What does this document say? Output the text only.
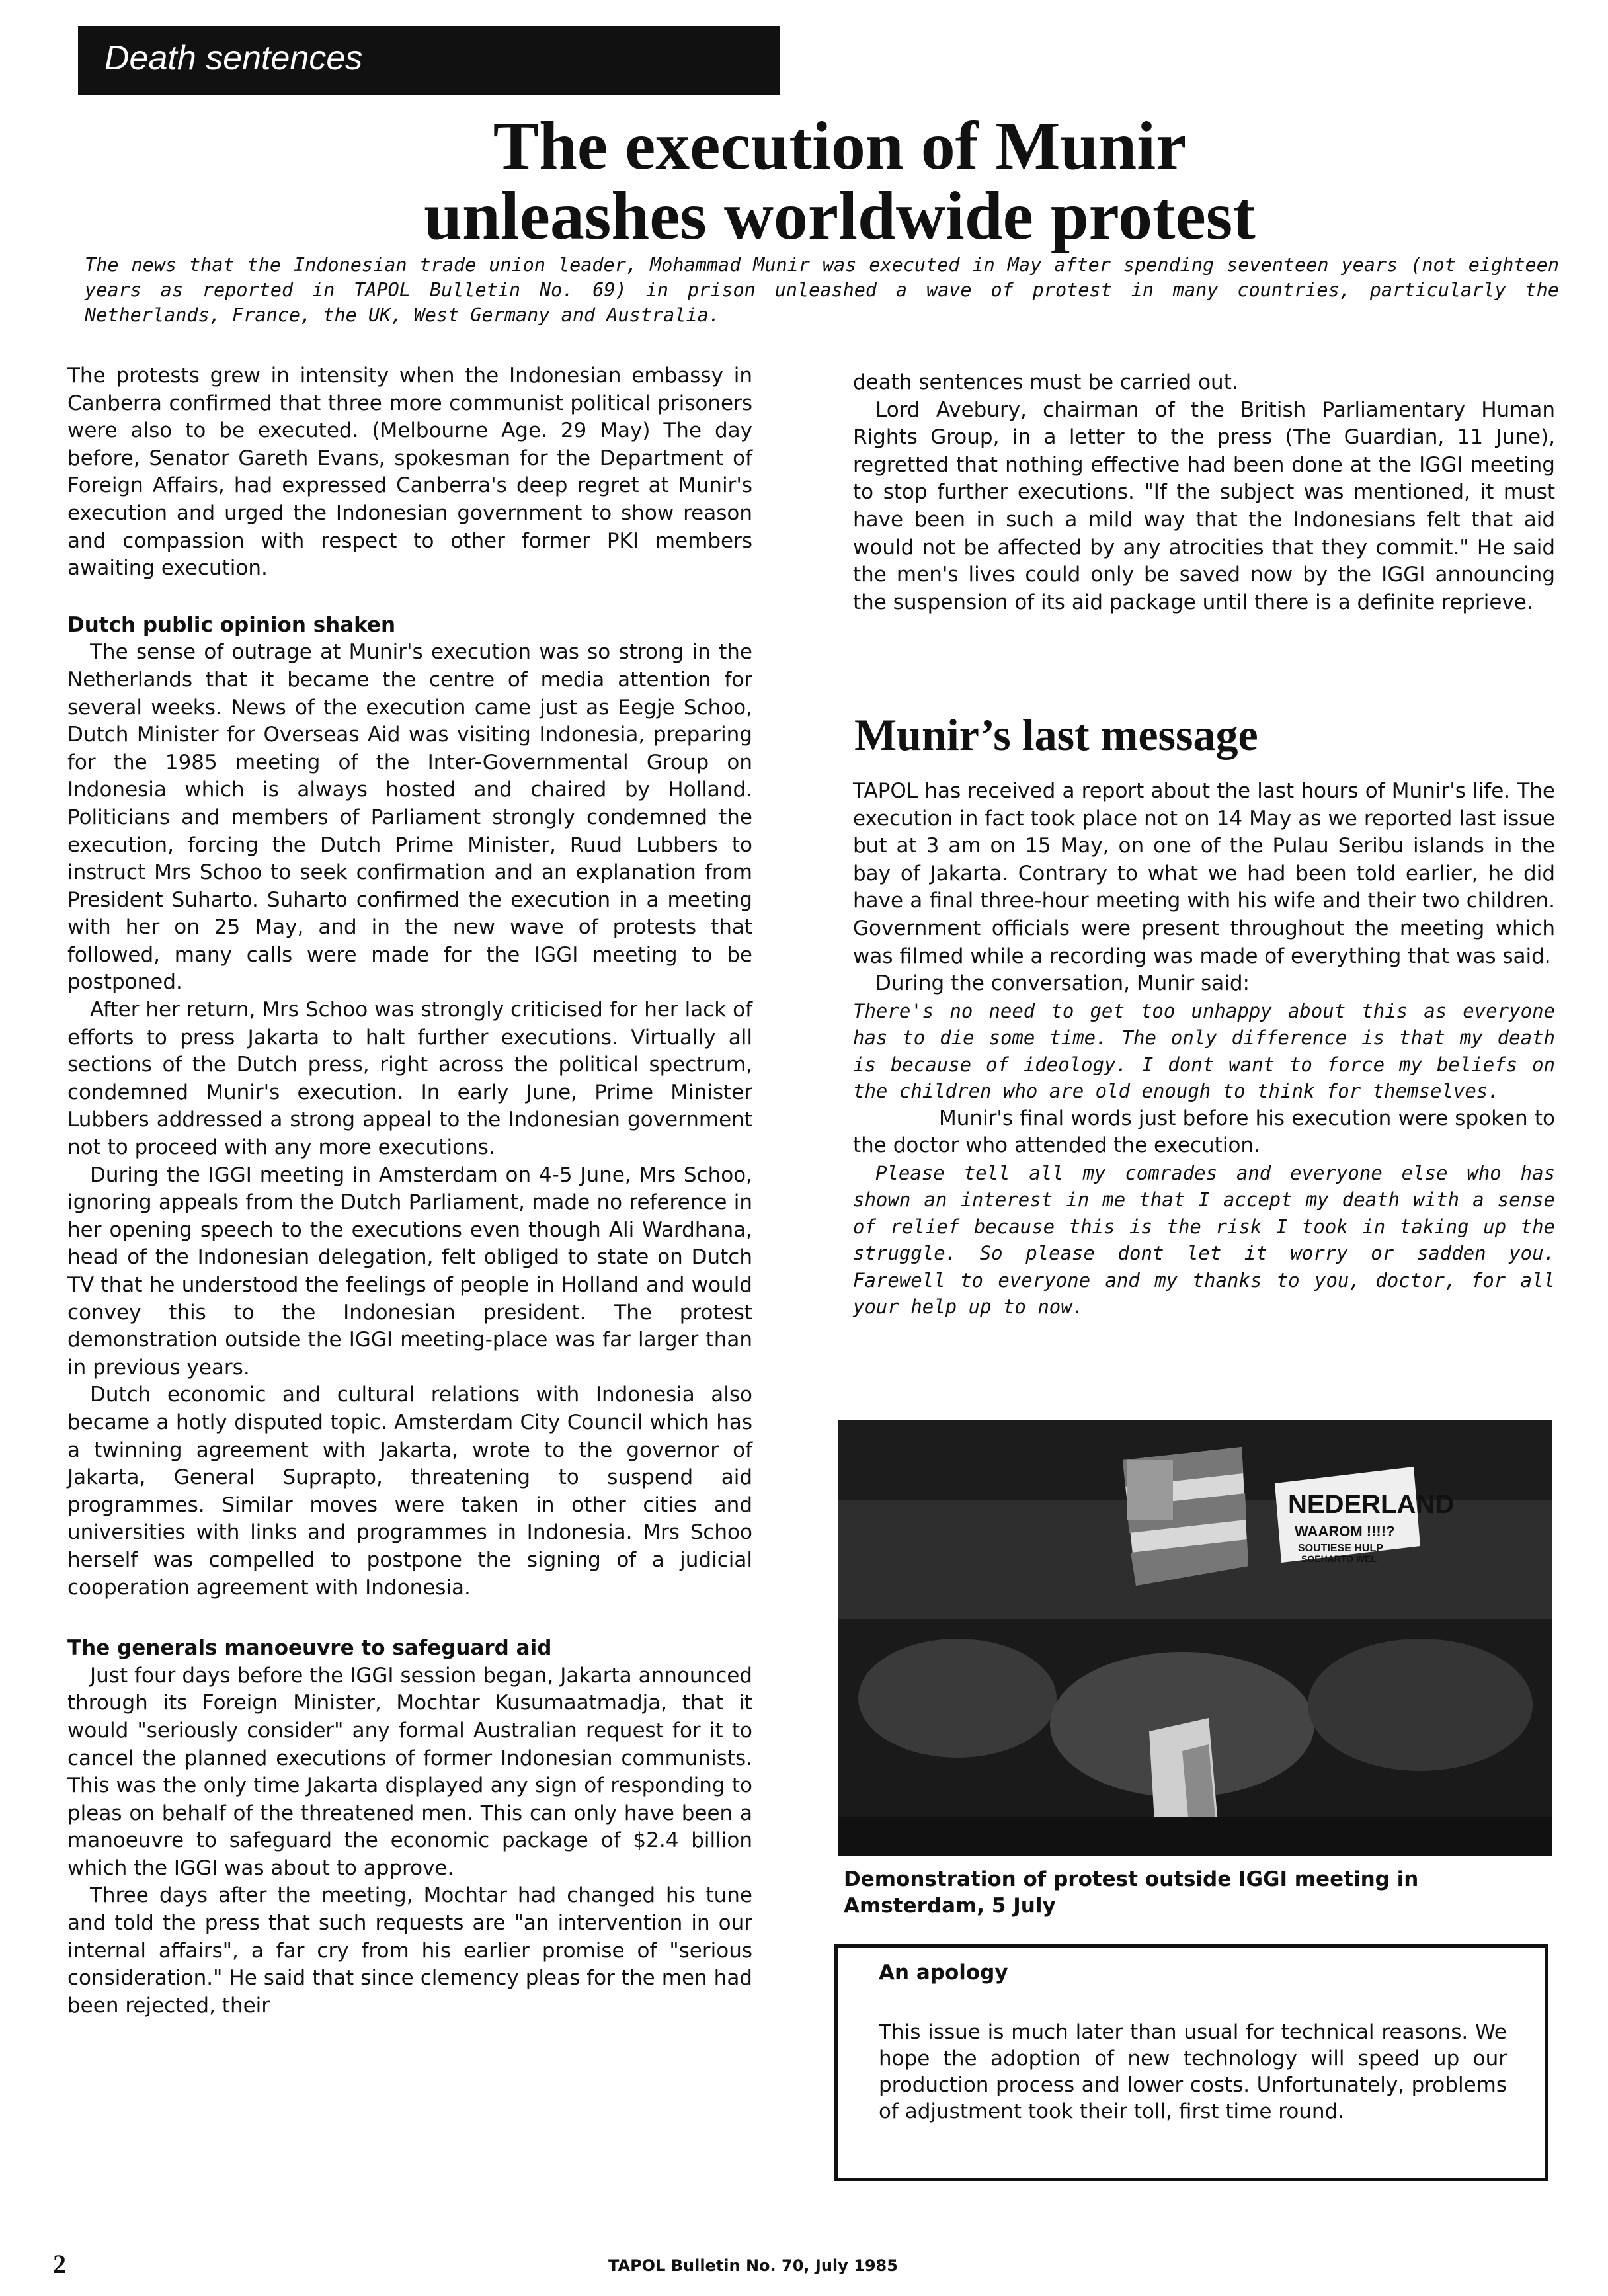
Death sentences
The execution of Munir
unleashes worldwide protest

The news that the Indonesian trade union leader, Mohammad Munir was executed in May after spending seventeen years (not eighteen years as reported in TAPOL Bulletin No. 69) in prison unleashed a wave of protest in many countries, particularly the Netherlands, France, the UK, West Germany and Australia.

The protests grew in intensity when the Indonesian embassy in Canberra confirmed that three more communist political prisoners were also to be executed. (Melbourne Age. 29 May) The day before, Senator Gareth Evans, spokesman for the Department of Foreign Affairs, had expressed Canberra's deep regret at Munir's execution and urged the Indonesian government to show reason and compassion with respect to other former PKI members awaiting execution.

Dutch public opinion shaken

The sense of outrage at Munir's execution was so strong in the Netherlands that it became the centre of media attention for several weeks. News of the execution came just as Eegje Schoo, Dutch Minister for Overseas Aid was visiting Indonesia, preparing for the 1985 meeting of the Inter-Governmental Group on Indonesia which is always hosted and chaired by Holland. Politicians and members of Parliament strongly condemned the execution, forcing the Dutch Prime Minister, Ruud Lubbers to instruct Mrs Schoo to seek confirmation and an explanation from President Suharto. Suharto confirmed the execution in a meeting with her on 25 May, and in the new wave of protests that followed, many calls were made for the IGGI meeting to be postponed.

After her return, Mrs Schoo was strongly criticised for her lack of efforts to press Jakarta to halt further executions. Virtually all sections of the Dutch press, right across the political spectrum, condemned Munir's execution. In early June, Prime Minister Lubbers addressed a strong appeal to the Indonesian government not to proceed with any more executions.

During the IGGI meeting in Amsterdam on 4-5 June, Mrs Schoo, ignoring appeals from the Dutch Parliament, made no reference in her opening speech to the executions even though Ali Wardhana, head of the Indonesian delegation, felt obliged to state on Dutch TV that he understood the feelings of people in Holland and would convey this to the Indonesian president. The protest demonstration outside the IGGI meeting-place was far larger than in previous years.

Dutch economic and cultural relations with Indonesia also became a hotly disputed topic. Amsterdam City Council which has a twinning agreement with Jakarta, wrote to the governor of Jakarta, General Suprapto, threatening to suspend aid programmes. Similar moves were taken in other cities and universities with links and programmes in Indonesia. Mrs Schoo herself was compelled to postpone the signing of a judicial cooperation agreement with Indonesia.

The generals manoeuvre to safeguard aid

Just four days before the IGGI session began, Jakarta announced through its Foreign Minister, Mochtar Kusumaatmadja, that it would "seriously consider" any formal Australian request for it to cancel the planned executions of former Indonesian communists. This was the only time Jakarta displayed any sign of responding to pleas on behalf of the threatened men. This can only have been a manoeuvre to safeguard the economic package of $2.4 billion which the IGGI was about to approve.

Three days after the meeting, Mochtar had changed his tune and told the press that such requests are "an intervention in our internal affairs", a far cry from his earlier promise of "serious consideration." He said that since clemency pleas for the men had been rejected, their

death sentences must be carried out.

Lord Avebury, chairman of the British Parliamentary Human Rights Group, in a letter to the press (The Guardian, 11 June), regretted that nothing effective had been done at the IGGI meeting to stop further executions. "If the subject was mentioned, it must have been in such a mild way that the Indonesians felt that aid would not be affected by any atrocities that they commit." He said the men's lives could only be saved now by the IGGI announcing the suspension of its aid package until there is a definite reprieve.

Munir’s last message

TAPOL has received a report about the last hours of Munir's life. The execution in fact took place not on 14 May as we reported last issue but at 3 am on 15 May, on one of the Pulau Seribu islands in the bay of Jakarta. Contrary to what we had been told earlier, he did have a final three-hour meeting with his wife and their two children. Government officials were present throughout the meeting which was filmed while a recording was made of everything that was said.

During the conversation, Munir said:

There's no need to get too unhappy about this as everyone has to die some time. The only difference is that my death is because of ideology. I dont want to force my beliefs on the children who are old enough to think for themselves.

Munir's final words just before his execution were spoken to the doctor who attended the execution.

Please tell all my comrades and everyone else who has shown an interest in me that I accept my death with a sense of relief because this is the risk I took in taking up the struggle. So please dont let it worry or sadden you. Farewell to everyone and my thanks to you, doctor, for all your help up to now.

NEDERLAND
WAAROM !!!!?
SOUTIESE HULP
SOEHARTO WEL

Demonstration of protest outside IGGI meeting in Amsterdam, 5 July

An apology

This issue is much later than usual for technical reasons. We hope the adoption of new technology will speed up our production process and lower costs. Unfortunately, problems of adjustment took their toll, first time round.

2	TAPOL Bulletin No. 70, July 1985
